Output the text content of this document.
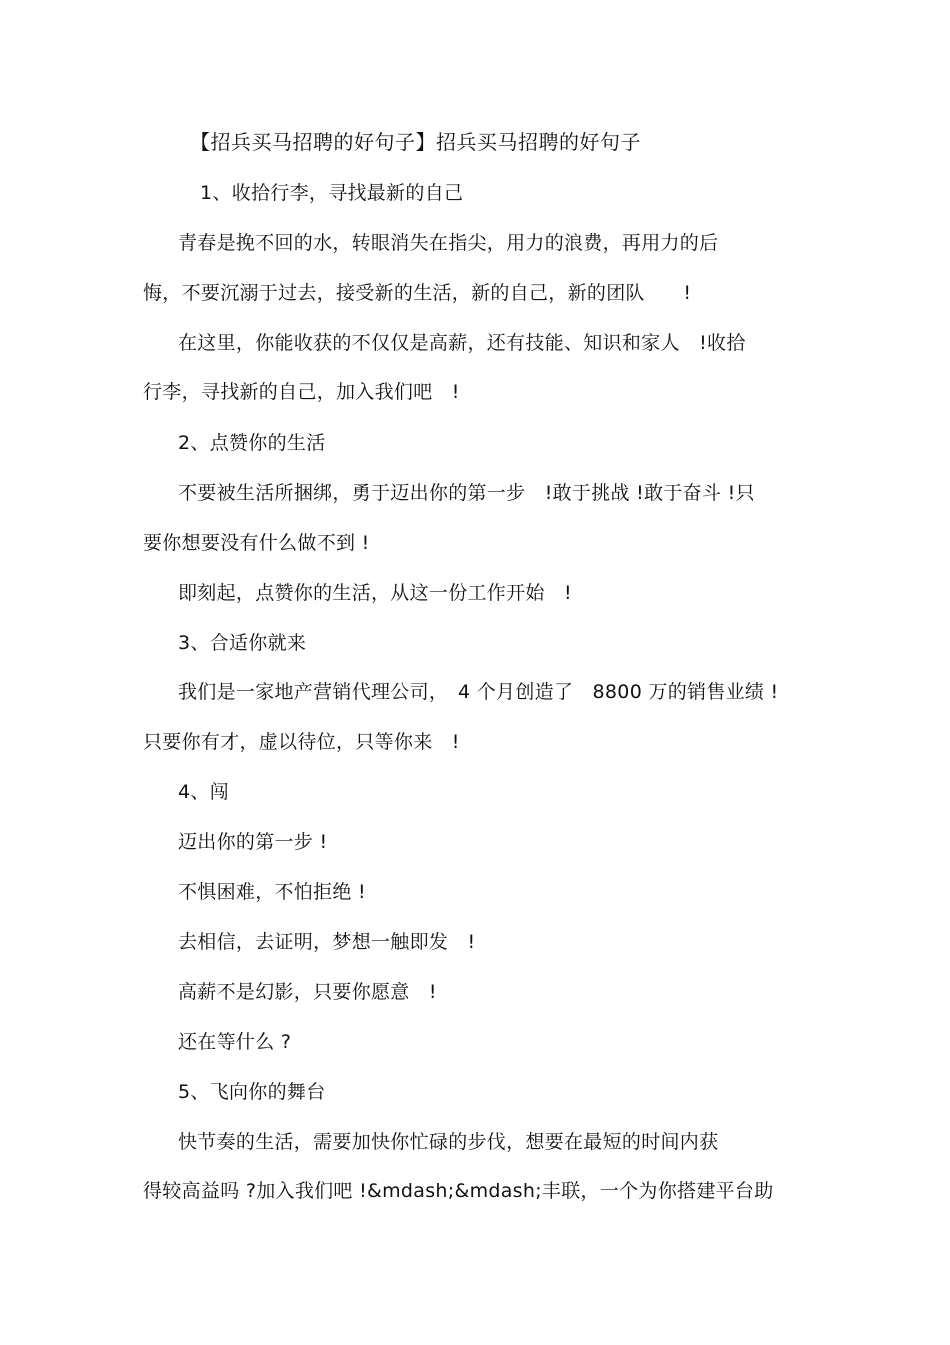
【招兵买马招聘的好句子】招兵买马招聘的好句子
1、收拾行李，寻找最新的自己
青春是挽不回的水，转眼消失在指尖，用力的浪费，再用力的后
悔，不要沉溺于过去，接受新的生活，新的自己，新的团队　　!
在这里，你能收获的不仅仅是高薪，还有技能、知识和家人　!收拾
行李，寻找新的自己，加入我们吧　!
2、点赞你的生活
不要被生活所捆绑，勇于迈出你的第一步　!敢于挑战 !敢于奋斗 !只
要你想要没有什么做不到 !
即刻起，点赞你的生活，从这一份工作开始　!
3、合适你就来
我们是一家地产营销代理公司，　4 个月创造了　8800 万的销售业绩 !
只要你有才，虚以待位，只等你来　!
4、闯
迈出你的第一步 !
不惧困难，不怕拒绝 !
去相信，去证明，梦想一触即发　!
高薪不是幻影，只要你愿意　!
还在等什么 ?
5、飞向你的舞台
快节奏的生活，需要加快你忙碌的步伐，想要在最短的时间内获
得较高益吗 ?加入我们吧 !&mdash;&mdash;丰联，一个为你搭建平台助
